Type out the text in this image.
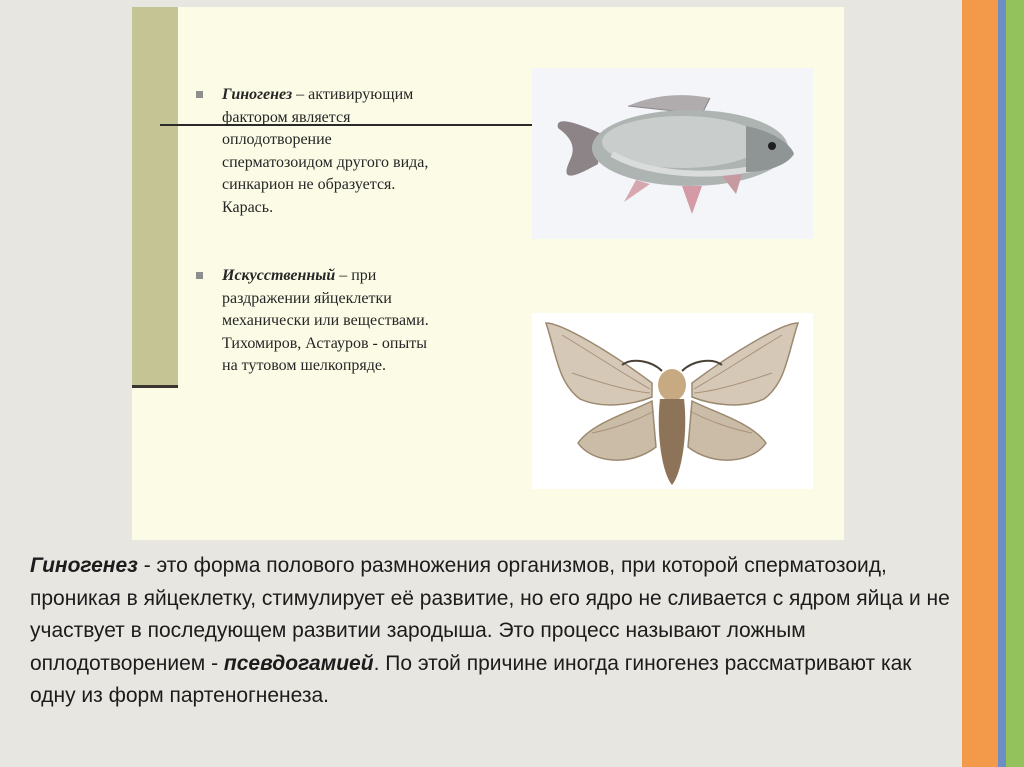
Гиногенез – активирующим
фактором является
оплодотворение
сперматозоидом другого вида,
синкарион не образуется.
Карась.
Искусственный – при
раздражении яйцеклетки
механически или веществами.
Тихомиров, Астауров - опыты
на тутовом шелкопряде.
Гиногенез - это форма полового размножения организмов, при которой сперматозоид, проникая в яйцеклетку, стимулирует её развитие, но его ядро не сливается с ядром яйца и не участвует в последующем развитии зародыша. Это процесс называют ложным оплодотворением - псевдогамией. По этой причине иногда гиногенез рассматривают как одну из форм партеногненеза.
